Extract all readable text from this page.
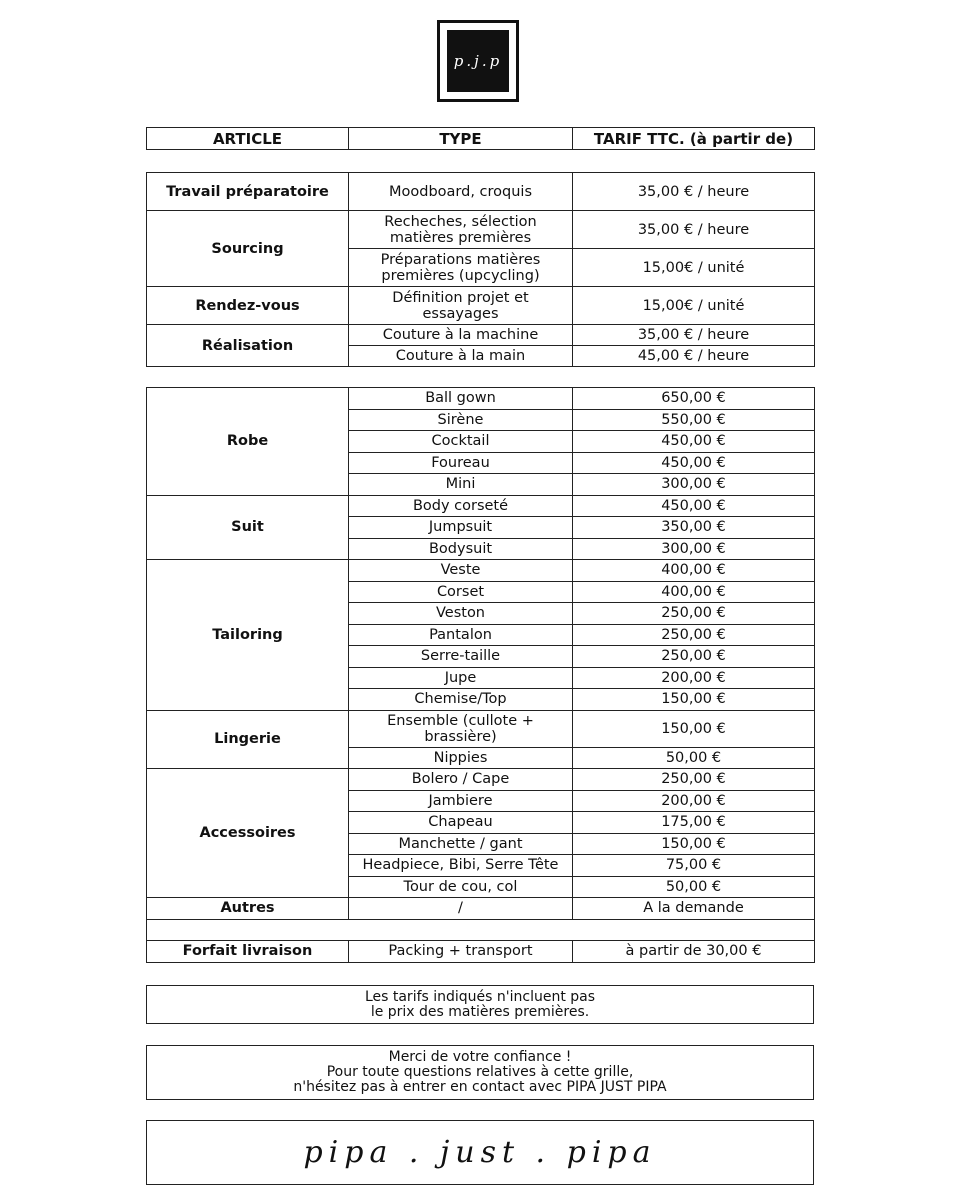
p.j.p
ARTICLE	TYPE	TARIF TTC. (à partir de)
Travail préparatoire	Moodboard, croquis	35,00 € / heure
Sourcing	Recheches, sélection matières premières	35,00 € / heure
	Préparations matières premières (upcycling)	15,00€ / unité
Rendez-vous	Définition projet et essayages	15,00€ / unité
Réalisation	Couture à la machine	35,00 € / heure
	Couture à la main	45,00 € / heure
Robe	Ball gown	650,00 €
	Sirène	550,00 €
	Cocktail	450,00 €
	Foureau	450,00 €
	Mini	300,00 €
Suit	Body corseté	450,00 €
	Jumpsuit	350,00 €
	Bodysuit	300,00 €
Tailoring	Veste	400,00 €
	Corset	400,00 €
	Veston	250,00 €
	Pantalon	250,00 €
	Serre-taille	250,00 €
	Jupe	200,00 €
	Chemise/Top	150,00 €
Lingerie	Ensemble (cullote + brassière)	150,00 €
	Nippies	50,00 €
Accessoires	Bolero / Cape	250,00 €
	Jambiere	200,00 €
	Chapeau	175,00 €
	Manchette / gant	150,00 €
	Headpiece, Bibi, Serre Tête	75,00 €
	Tour de cou, col	50,00 €
Autres	/	A la demande

Forfait livraison	Packing + transport	à partir de 30,00 €
Les tarifs indiqués n'incluent pas
le prix des matières premières.
Merci de votre confiance !
Pour toute questions relatives à cette grille,
n'hésitez pas à entrer en contact avec PIPA JUST PIPA
pipa . just . pipa
